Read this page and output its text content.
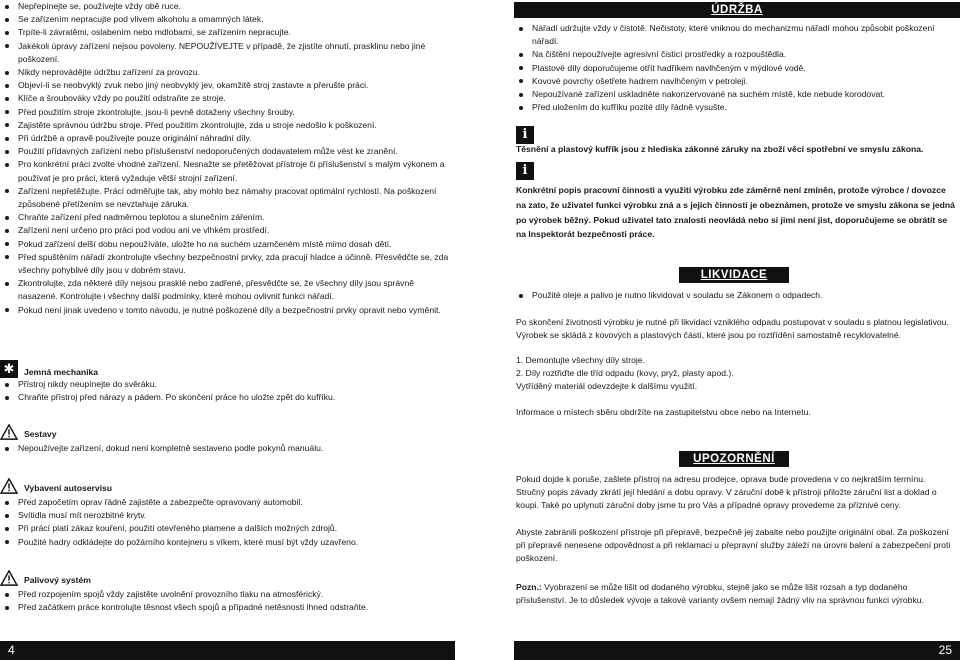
Nepřepínejte se, používejte vždy obě ruce.
Se zařízením nepracujte pod vlivem alkoholu a omamných látek.
Trpíte-li závratěmi, oslabením nebo mdlobami, se zařízením nepracujte.
Jakékoli úpravy zařízení nejsou povoleny. NEPOUŽÍVEJTE v případě, že zjistíte ohnutí, prasklinu nebo jiné poškození.
Nikdy neprovádějte údržbu zařízení za provozu.
Objeví-li se neobvyklý zvuk nebo jiný neobvyklý jev, okamžitě stroj zastavte a přerušte práci.
Klíče a šroubováky vždy po použití odstraňte ze stroje.
Před použitím stroje zkontrolujte, jsou-li pevně dotaženy všechny šrouby.
Zajistěte správnou údržbu stroje. Před použitím zkontrolujte, zda u stroje nedošlo k poškození.
Při údržbě a opravě používejte pouze originální náhradní díly.
Použití přídavných zařízení nebo příslušenství nedoporučených dodavatelem může vést ke zranění.
Pro konkrétní práci zvolte vhodné zařízení. Nesnažte se přetěžovat přístroje či příslušenství s malým výkonem a používat je pro práci, která vyžaduje větší strojní zařízení.
Zařízení nepřetěžujte. Prácí odměřujte tak, aby mohlo bez námahy pracovat optimální rychlostí. Na poškození způsobené přetížením se nevztahuje záruka.
Chraňte zařízení před nadměrnou teplotou a slunečním zářením.
Zařízení není určeno pro práci pod vodou ani ve vlhkém prostředí.
Pokud zařízení delší dobu nepoužíváte, uložte ho na suchém uzamčeném místě mimo dosah dětí.
Před spuštěním nářadí zkontrolujte všechny bezpečnostní prvky, zda pracují hladce a účinně. Přesvědčte se, zda všechny pohyblivé díly jsou v dobrém stavu.
Zkontrolujte, zda některé díly nejsou prasklé nebo zadřené, přesvědčte se, že všechny díly jsou správně nasazené. Kontrolujte i všechny další podmínky, které mohou ovlivnit funkci nářadí.
Pokud není jinak uvedeno v tomto návodu, je nutné poškozené díly a bezpečnostní prvky opravit nebo vyměnit.
✱	Jemná mechanika
Přístroj nikdy neupínejte do svěráku.
Chraňte přístroj před nárazy a pádem. Po skončení práce ho uložte zpět do kufříku.
Sestavy
Nepoužívejte zařízení, dokud není kompletně sestaveno podle pokynů manuálu.
Vybavení autoservisu
Před započetím oprav řádně zajistěte a zabezpečte opravovaný automobil.
Svítidla musí mít nerozbitné krytv.
Při prácí platí zákaz kouření, použití otevřeného plamene a dalších možných zdrojů.
Použité hadry odkládejte do požárního kontejneru s víkem, které musí být vždy uzavřeno.
Palivový systém
Před rozpojením spojů vždy zajistěte uvolnění provozního tlaku na atmosférický.
Před začátkem práce kontrolujte těsnost všech spojů a případné netěsnosti ihned odstraňte.
ÚDRŽBA
Nářadí udržujte vždy v čistotě. Nečistoty, které vniknou do mechanizmu nářadí mohou způsobit poškození nářadí.
Na čištění nepoužívejte agresivní čisticí prostředky a rozpouštědla.
Plastové díly doporučujeme otřít hadříkem navlhčeným v mýdlové vodě.
Kovové povrchy ošetřete hadrem navlhčeným v petroleji.
Nepoužívané zařízení uskladněte nakonzervované na suchém místě, kde nebude korodovat.
Před uložením do kufříku pozité díly řádně vysušte.
i
Těsnění a plastový kufřík jsou z hlediska zákonné záruky na zboží věcí spotřební ve smyslu zákona.
i
Konkrétní popis pracovní činnosti a využití výrobku zde záměrně není zmíněn, protože výrobce / dovozce na zato, že uživatel funkci výrobku zná a s jejich činností je obeznámen, protože ve smyslu zákona se jedná po výrobek běžný. Pokud uživatel tato znalosti neovládá nebo si jimi není jist, doporučujeme se obrátit se na Inspektorát bezpečnosti práce.
LIKVIDACE
Použité oleje a palivo je nutno likvidovat v souladu se Zákonem o odpadech.
Po skončení životnosti výrobku je nutné při likvidaci vzniklého odpadu postupovat v souladu s platnou legislativou. Výrobek se skládá z kovových a plastových částí, které jsou po roztřídění samostatně recyklovatelné.
1. Demontujte všechny díly stroje.
2. Díly roztřiďte dle tříd odpadu (kovy, pryž, plasty apod.).
Vytříděný materiál odevzdejte k dalšímu využití.
Informace o místech sběru obdržíte na zastupitelstvu obce nebo na Internetu.
UPOZORNĚNÍ
Pokud dojde k poruše, zašlete přístroj na adresu prodejce, oprava bude provedena v co nejkratším termínu. Stručný popis závady zkrátí její hledání a dobu opravy. V záruční době k přístroji přiložte záruční list a doklad o koupi. Také po uplynutí záruční doby jsme tu pro Vás a případné opravy provedeme za příznivé ceny.
Abyste zabránili poškození přístroje při přepravě, bezpečně jej zabalte nebo použijte originální obal. Za poškození při přepravě nenesene odpovědnost a při reklamaci u přepravní služby záleží na úrovni balení a zabezpečení proti poškození.
Pozn.: Vyobrazení se může lišit od dodaného výrobku, stejně jako se může lišit rozsah a typ dodaného příslušenství. Je to důsledek vývoje a takové varianty ovšem nemají žádný vliv na správnou funkci výrobku.
4	25
